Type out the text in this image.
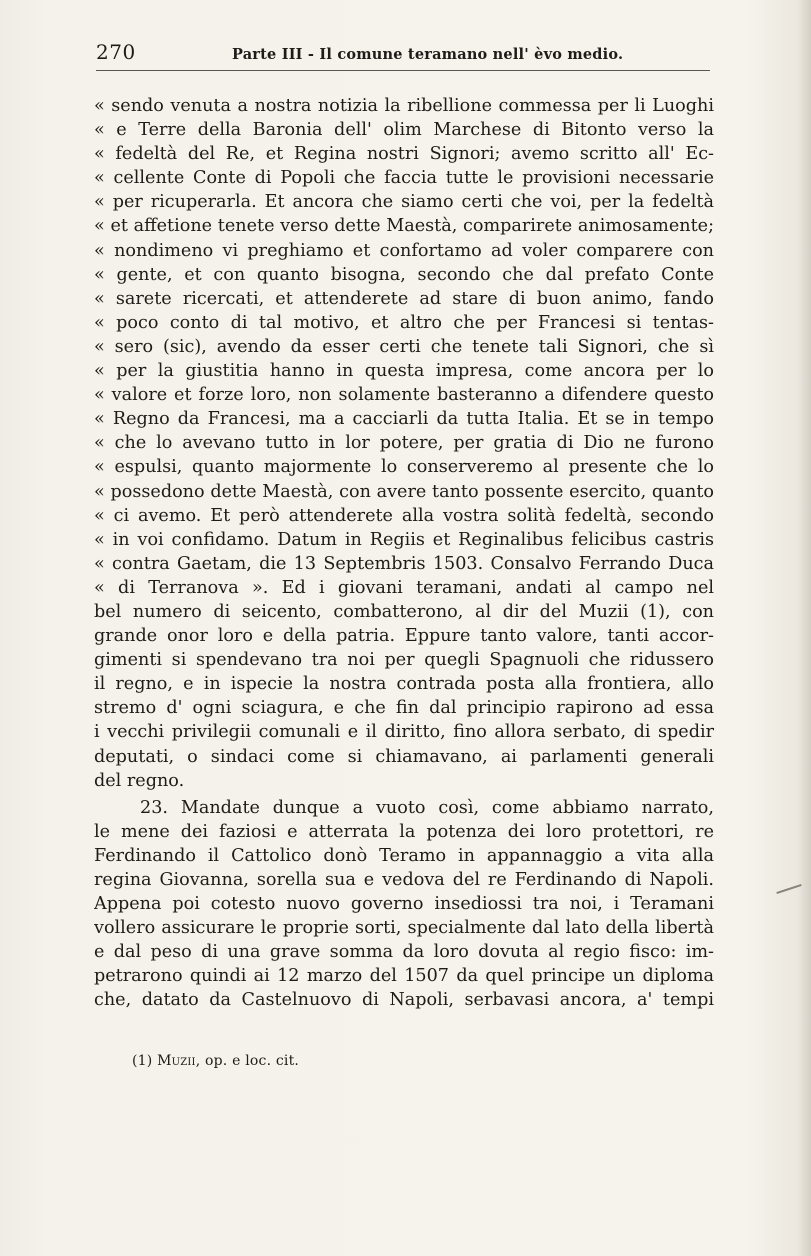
270	Parte III - Il comune teramano nell' èvo medio.
« sendo venuta a nostra notizia la ribellione commessa per li Luoghi
« e Terre della Baronia dell' olim Marchese di Bitonto verso la
« fedeltà del Re, et Regina nostri Signori; avemo scritto all' Ec-
« cellente Conte di Popoli che faccia tutte le provisioni necessarie
« per ricuperarla. Et ancora che siamo certi che voi, per la fedeltà
« et affetione tenete verso dette Maestà, comparirete animosamente;
« nondimeno vi preghiamo et confortamo ad voler comparere con
« gente, et con quanto bisogna, secondo che dal prefato Conte
« sarete ricercati, et attenderete ad stare di buon animo, fando
« poco conto di tal motivo, et altro che per Francesi si tentas-
« sero (sic), avendo da esser certi che tenete tali Signori, che sì
« per la giustitia hanno in questa impresa, come ancora per lo
« valore et forze loro, non solamente basteranno a difendere questo
« Regno da Francesi, ma a cacciarli da tutta Italia. Et se in tempo
« che lo avevano tutto in lor potere, per gratia di Dio ne furono
« espulsi, quanto majormente lo conserveremo al presente che lo
« possedono dette Maestà, con avere tanto possente esercito, quanto
« ci avemo. Et però attenderete alla vostra solità fedeltà, secondo
« in voi confidamo. Datum in Regiis et Reginalibus felicibus castris
« contra Gaetam, die 13 Septembris 1503. Consalvo Ferrando Duca
« di Terranova ». Ed i giovani teramani, andati al campo nel
bel numero di seicento, combatterono, al dir del Muzii (1), con
grande onor loro e della patria. Eppure tanto valore, tanti accor-
gimenti si spendevano tra noi per quegli Spagnuoli che ridussero
il regno, e in ispecie la nostra contrada posta alla frontiera, allo
stremo d' ogni sciagura, e che fin dal principio rapirono ad essa
i vecchi privilegii comunali e il diritto, fino allora serbato, di spedir
deputati, o sindaci come si chiamavano, ai parlamenti generali
del regno.
23. Mandate dunque a vuoto così, come abbiamo narrato,
le mene dei faziosi e atterrata la potenza dei loro protettori, re
Ferdinando il Cattolico donò Teramo in appannaggio a vita alla
regina Giovanna, sorella sua e vedova del re Ferdinando di Napoli.
Appena poi cotesto nuovo governo insediossi tra noi, i Teramani
vollero assicurare le proprie sorti, specialmente dal lato della libertà
e dal peso di una grave somma da loro dovuta al regio fisco: im-
petrarono quindi ai 12 marzo del 1507 da quel principe un diploma
che, datato da Castelnuovo di Napoli, serbavasi ancora, a' tempi
(1) Muzii, op. e loc. cit.
